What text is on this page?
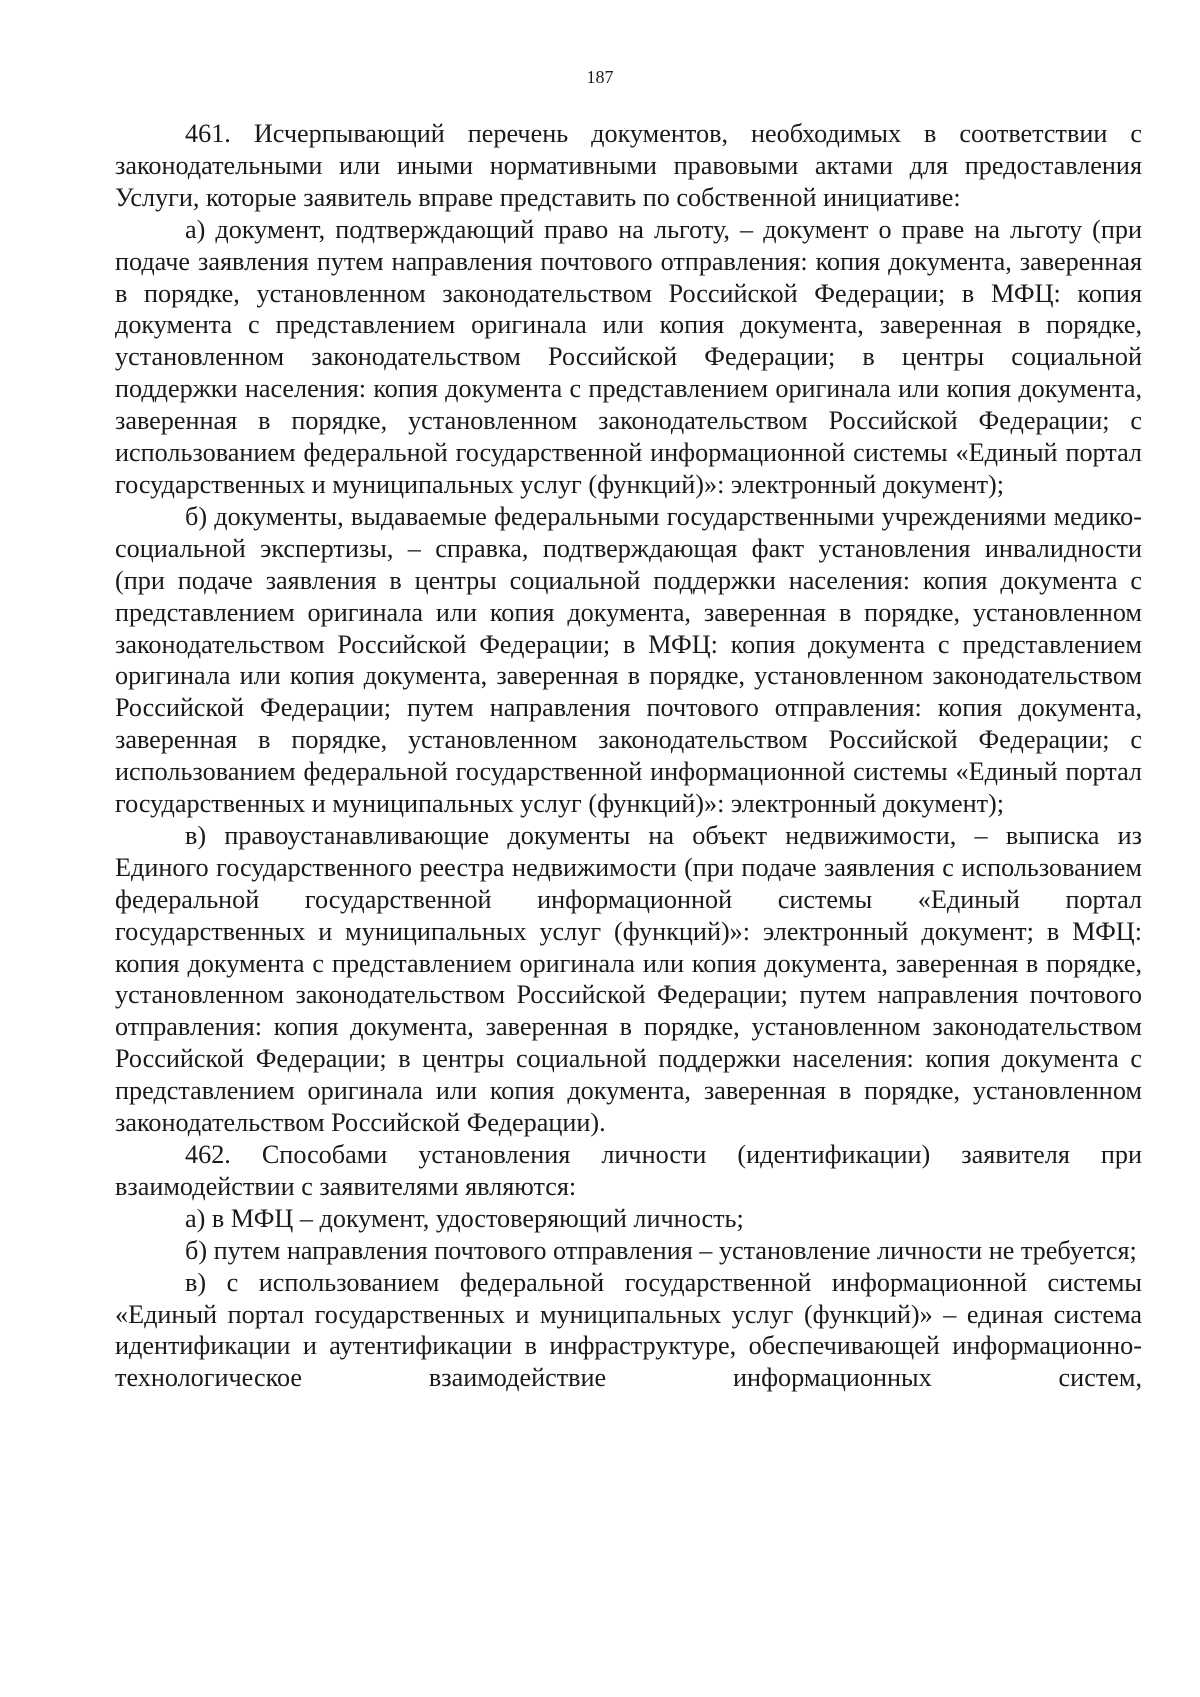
187

461. Исчерпывающий перечень документов, необходимых в соответствии с законодательными или иными нормативными правовыми актами для предоставления Услуги, которые заявитель вправе представить по собственной инициативе:

а) документ, подтверждающий право на льготу, – документ о праве на льготу (при подаче заявления путем направления почтового отправления: копия документа, заверенная в порядке, установленном законодательством Российской Федерации; в МФЦ: копия документа с представлением оригинала или копия документа, заверенная в порядке, установленном законодательством Российской Федерации; в центры социальной поддержки населения: копия документа с представлением оригинала или копия документа, заверенная в порядке, установленном законодательством Российской Федерации; с использованием федеральной государственной информационной системы «Единый портал государственных и муниципальных услуг (функций)»: электронный документ);

б) документы, выдаваемые федеральными государственными учреждениями медико-социальной экспертизы, – справка, подтверждающая факт установления инвалидности (при подаче заявления в центры социальной поддержки населения: копия документа с представлением оригинала или копия документа, заверенная в порядке, установленном законодательством Российской Федерации; в МФЦ: копия документа с представлением оригинала или копия документа, заверенная в порядке, установленном законодательством Российской Федерации; путем направления почтового отправления: копия документа, заверенная в порядке, установленном законодательством Российской Федерации; с использованием федеральной государственной информационной системы «Единый портал государственных и муниципальных услуг (функций)»: электронный документ);

в) правоустанавливающие документы на объект недвижимости, – выписка из Единого государственного реестра недвижимости (при подаче заявления с использованием федеральной государственной информационной системы «Единый портал государственных и муниципальных услуг (функций)»: электронный документ; в МФЦ: копия документа с представлением оригинала или копия документа, заверенная в порядке, установленном законодательством Российской Федерации; путем направления почтового отправления: копия документа, заверенная в порядке, установленном законодательством Российской Федерации; в центры социальной поддержки населения: копия документа с представлением оригинала или копия документа, заверенная в порядке, установленном законодательством Российской Федерации).

462. Способами установления личности (идентификации) заявителя при взаимодействии с заявителями являются:

а) в МФЦ – документ, удостоверяющий личность;

б) путем направления почтового отправления – установление личности не требуется;

в) с использованием федеральной государственной информационной системы «Единый портал государственных и муниципальных услуг (функций)» – единая система идентификации и аутентификации в инфраструктуре, обеспечивающей информационно-технологическое взаимодействие информационных систем,
